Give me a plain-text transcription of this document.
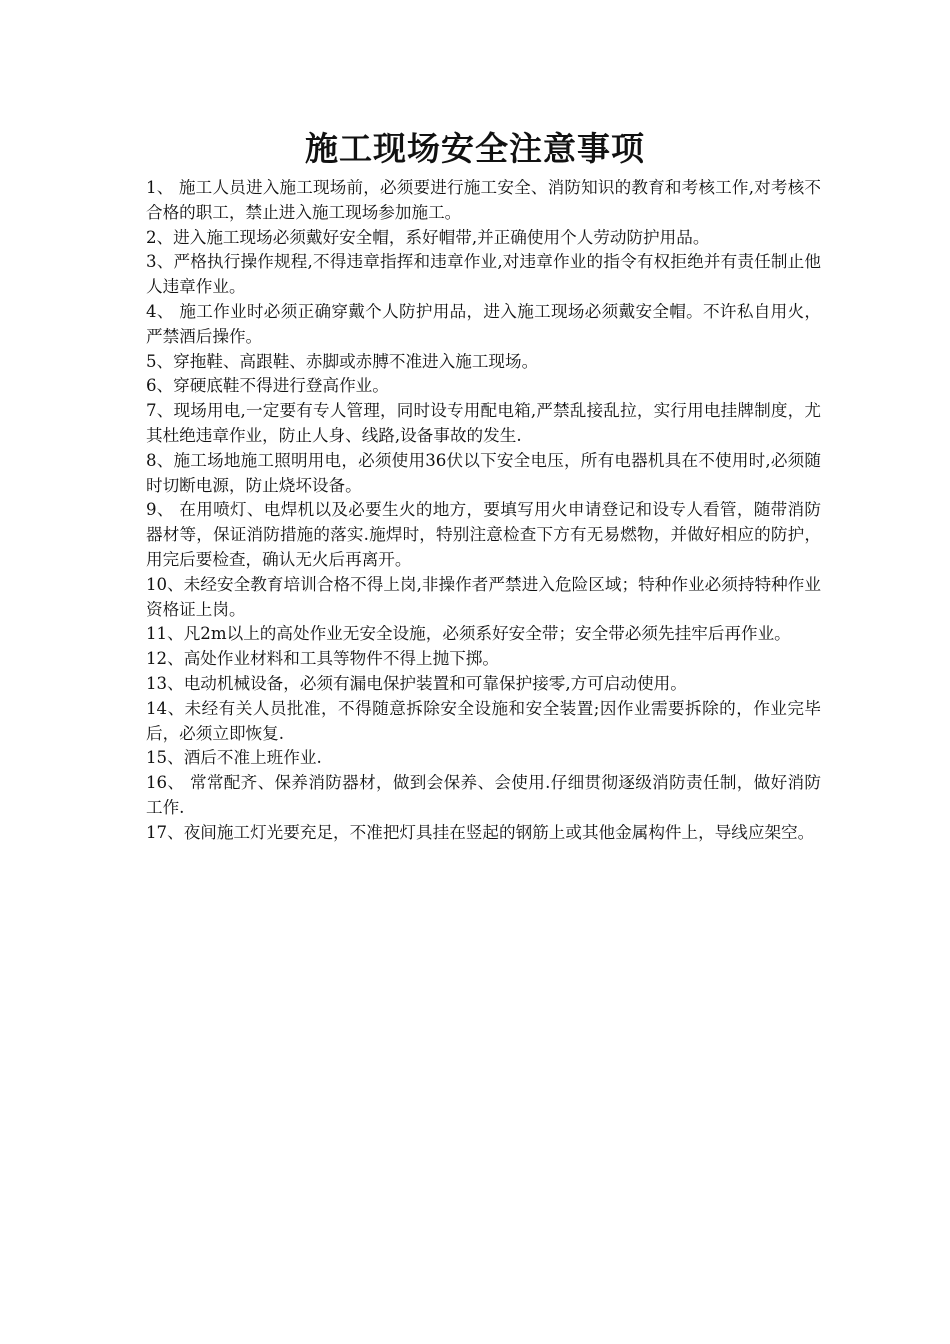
施工现场安全注意事项

1、 施工人员进入施工现场前，必须要进行施工安全、消防知识的教育和考核工作,对考核不合格的职工，禁止进入施工现场参加施工。

2、进入施工现场必须戴好安全帽，系好帽带,并正确使用个人劳动防护用品。

3、严格执行操作规程,不得违章指挥和违章作业,对违章作业的指令有权拒绝并有责任制止他人违章作业。

4、 施工作业时必须正确穿戴个人防护用品，进入施工现场必须戴安全帽。不许私自用火，严禁酒后操作。

5、穿拖鞋、高跟鞋、赤脚或赤膊不准进入施工现场。

6、穿硬底鞋不得进行登高作业。

7、现场用电,一定要有专人管理，同时设专用配电箱,严禁乱接乱拉，实行用电挂牌制度，尤其杜绝违章作业，防止人身、线路,设备事故的发生.

8、施工场地施工照明用电，必须使用36伏以下安全电压，所有电器机具在不使用时,必须随时切断电源，防止烧坏设备。

9、 在用喷灯、电焊机以及必要生火的地方，要填写用火申请登记和设专人看管，随带消防器材等，保证消防措施的落实.施焊时，特别注意检查下方有无易燃物，并做好相应的防护，用完后要检查，确认无火后再离开。

10、未经安全教育培训合格不得上岗,非操作者严禁进入危险区域；特种作业必须持特种作业资格证上岗。

11、凡2m以上的高处作业无安全设施，必须系好安全带；安全带必须先挂牢后再作业。

12、高处作业材料和工具等物件不得上抛下掷。

13、电动机械设备，必须有漏电保护装置和可靠保护接零,方可启动使用。

14、未经有关人员批准，不得随意拆除安全设施和安全装置;因作业需要拆除的，作业完毕后，必须立即恢复.

15、酒后不准上班作业.

16、 常常配齐、保养消防器材，做到会保养、会使用.仔细贯彻逐级消防责任制，做好消防工作.

17、夜间施工灯光要充足，不准把灯具挂在竖起的钢筋上或其他金属构件上，导线应架空。
